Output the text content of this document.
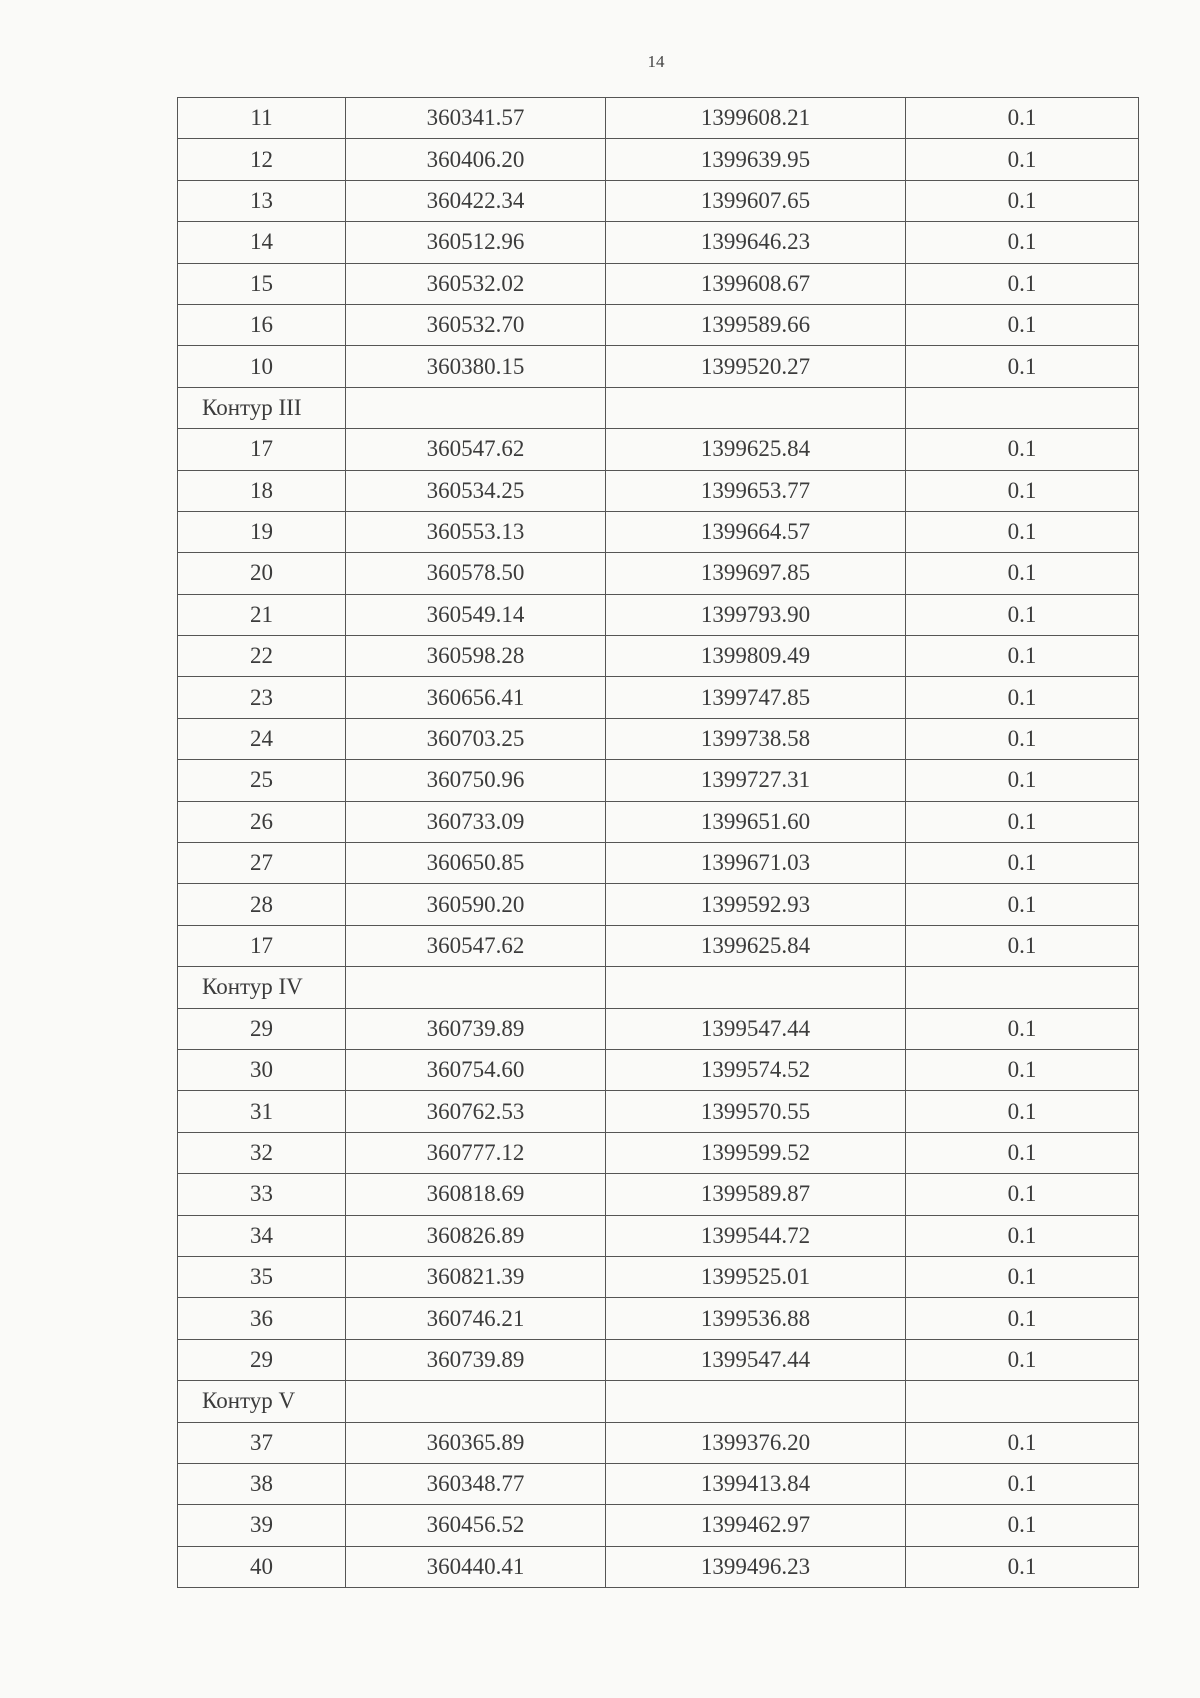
14
11	360341.57	1399608.21	0.1
12	360406.20	1399639.95	0.1
13	360422.34	1399607.65	0.1
14	360512.96	1399646.23	0.1
15	360532.02	1399608.67	0.1
16	360532.70	1399589.66	0.1
10	360380.15	1399520.27	0.1
Контур III			
17	360547.62	1399625.84	0.1
18	360534.25	1399653.77	0.1
19	360553.13	1399664.57	0.1
20	360578.50	1399697.85	0.1
21	360549.14	1399793.90	0.1
22	360598.28	1399809.49	0.1
23	360656.41	1399747.85	0.1
24	360703.25	1399738.58	0.1
25	360750.96	1399727.31	0.1
26	360733.09	1399651.60	0.1
27	360650.85	1399671.03	0.1
28	360590.20	1399592.93	0.1
17	360547.62	1399625.84	0.1
Контур IV			
29	360739.89	1399547.44	0.1
30	360754.60	1399574.52	0.1
31	360762.53	1399570.55	0.1
32	360777.12	1399599.52	0.1
33	360818.69	1399589.87	0.1
34	360826.89	1399544.72	0.1
35	360821.39	1399525.01	0.1
36	360746.21	1399536.88	0.1
29	360739.89	1399547.44	0.1
Контур V			
37	360365.89	1399376.20	0.1
38	360348.77	1399413.84	0.1
39	360456.52	1399462.97	0.1
40	360440.41	1399496.23	0.1
